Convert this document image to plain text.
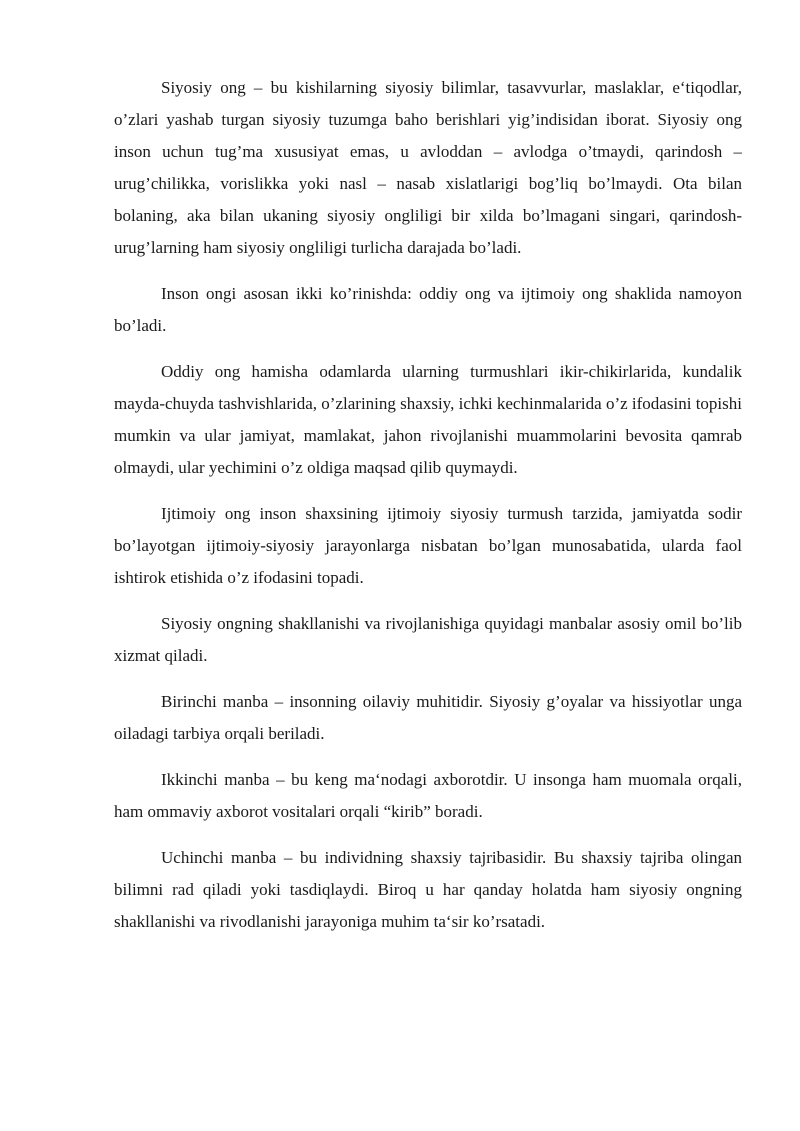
Siyosiy ong – bu kishilarning siyosiy bilimlar, tasavvurlar, maslaklar, e‘tiqodlar, o’zlari yashab turgan siyosiy tuzumga baho berishlari yig’indisidan iborat. Siyosiy ong inson uchun tug’ma xususiyat emas, u avloddan – avlodga o’tmaydi, qarindosh – urug’chilikka, vorislikka yoki nasl – nasab xislatlarigi bog’liq bo’lmaydi. Ota bilan bolaning, aka bilan ukaning siyosiy ongliligi bir xilda bo’lmagani singari, qarindosh-urug’larning ham siyosiy ongliligi turlicha darajada bo’ladi.

Inson ongi asosan ikki ko’rinishda: oddiy ong va ijtimoiy ong shaklida namoyon bo’ladi.

Oddiy ong hamisha odamlarda ularning turmushlari ikir-chikirlarida, kundalik mayda-chuyda tashvishlarida, o’zlarining shaxsiy, ichki kechinmalarida o’z ifodasini topishi mumkin va ular jamiyat, mamlakat, jahon rivojlanishi muammolarini bevosita qamrab olmaydi, ular yechimini o’z oldiga maqsad qilib quymaydi.

Ijtimoiy ong inson shaxsining ijtimoiy siyosiy turmush tarzida, jamiyatda sodir bo’layotgan ijtimoiy-siyosiy jarayonlarga nisbatan bo’lgan munosabatida, ularda faol ishtirok etishida o’z ifodasini topadi.

Siyosiy ongning shakllanishi va rivojlanishiga quyidagi manbalar asosiy omil bo’lib xizmat qiladi.

Birinchi manba – insonning oilaviy muhitidir. Siyosiy g’oyalar va hissiyotlar unga oiladagi tarbiya orqali beriladi.

Ikkinchi manba – bu keng ma‘nodagi axborotdir. U insonga ham muomala orqali, ham ommaviy axborot vositalari orqali “kirib” boradi.

Uchinchi manba – bu individning shaxsiy tajribasidir. Bu shaxsiy tajriba olingan bilimni rad qiladi yoki tasdiqlaydi. Biroq u har qanday holatda ham siyosiy ongning shakllanishi va rivodlanishi jarayoniga muhim ta‘sir ko’rsatadi.
